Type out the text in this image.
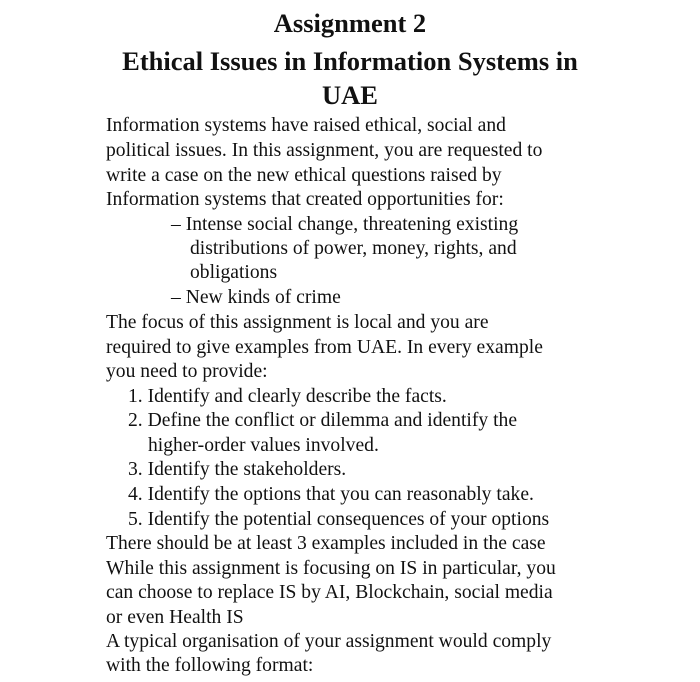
Assignment 2
Ethical Issues in Information Systems in
UAE
Information systems have raised ethical, social and
political issues. In this assignment, you are requested to
write a case on the new ethical questions raised by
Information systems that created opportunities for:
– Intense social change, threatening existing
distributions of power, money, rights, and
obligations
– New kinds of crime
The focus of this assignment is local and you are
required to give examples from UAE. In every example
you need to provide:
1. Identify and clearly describe the facts.
2. Define the conflict or dilemma and identify the
higher-order values involved.
3. Identify the stakeholders.
4. Identify the options that you can reasonably take.
5. Identify the potential consequences of your options
There should be at least 3 examples included in the case
While this assignment is focusing on IS in particular, you
can choose to replace IS by AI, Blockchain, social media
or even Health IS
A typical organisation of your assignment would comply
with the following format:
